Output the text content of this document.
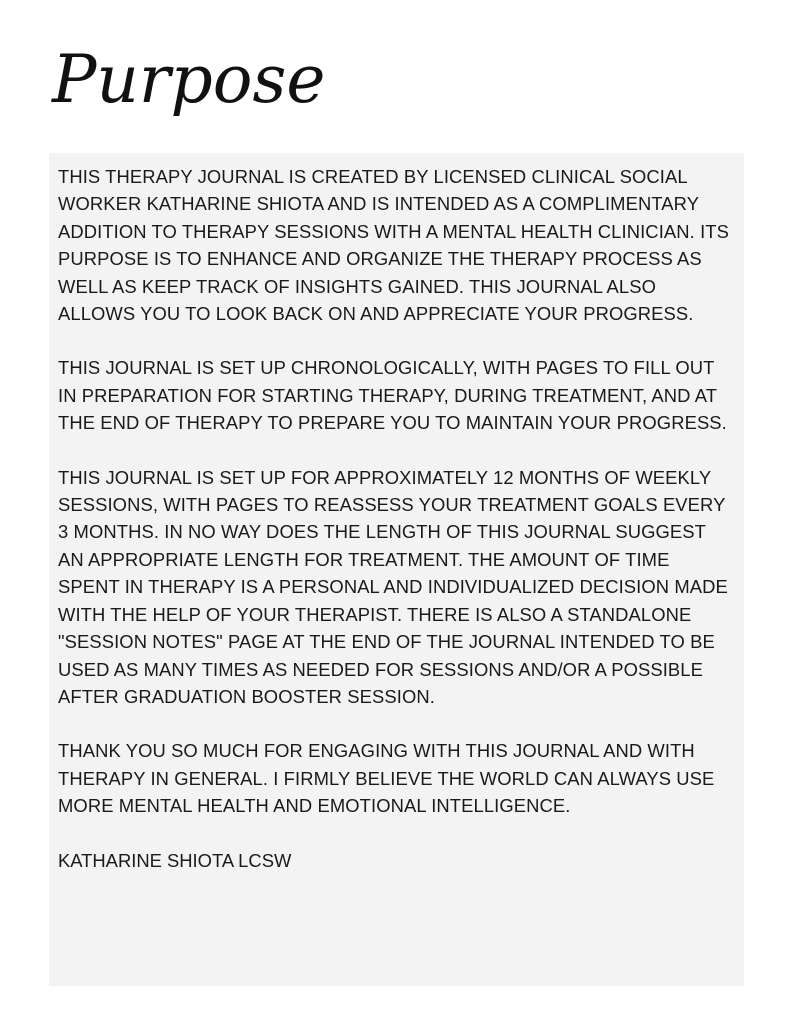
Purpose

THIS THERAPY JOURNAL IS CREATED BY LICENSED CLINICAL SOCIAL WORKER KATHARINE SHIOTA AND IS INTENDED AS A COMPLIMENTARY ADDITION TO THERAPY SESSIONS WITH A MENTAL HEALTH CLINICIAN. ITS PURPOSE IS TO ENHANCE AND ORGANIZE THE THERAPY PROCESS AS WELL AS KEEP TRACK OF INSIGHTS GAINED. THIS JOURNAL ALSO ALLOWS YOU TO LOOK BACK ON AND APPRECIATE YOUR PROGRESS.

THIS JOURNAL IS SET UP CHRONOLOGICALLY, WITH PAGES TO FILL OUT IN PREPARATION FOR STARTING THERAPY, DURING TREATMENT, AND AT THE END OF THERAPY TO PREPARE YOU TO MAINTAIN YOUR PROGRESS.

THIS JOURNAL IS SET UP FOR APPROXIMATELY 12 MONTHS OF WEEKLY SESSIONS, WITH PAGES TO REASSESS YOUR TREATMENT GOALS EVERY 3 MONTHS. IN NO WAY DOES THE LENGTH OF THIS JOURNAL SUGGEST AN APPROPRIATE LENGTH FOR TREATMENT. THE AMOUNT OF TIME SPENT IN THERAPY IS A PERSONAL AND INDIVIDUALIZED DECISION MADE WITH THE HELP OF YOUR THERAPIST. THERE IS ALSO A STANDALONE "SESSION NOTES" PAGE AT THE END OF THE JOURNAL INTENDED TO BE USED AS MANY TIMES AS NEEDED FOR SESSIONS AND/OR A POSSIBLE AFTER GRADUATION BOOSTER SESSION.

THANK YOU SO MUCH FOR ENGAGING WITH THIS JOURNAL AND WITH THERAPY IN GENERAL. I FIRMLY BELIEVE THE WORLD CAN ALWAYS USE MORE MENTAL HEALTH AND EMOTIONAL INTELLIGENCE.

KATHARINE SHIOTA LCSW
